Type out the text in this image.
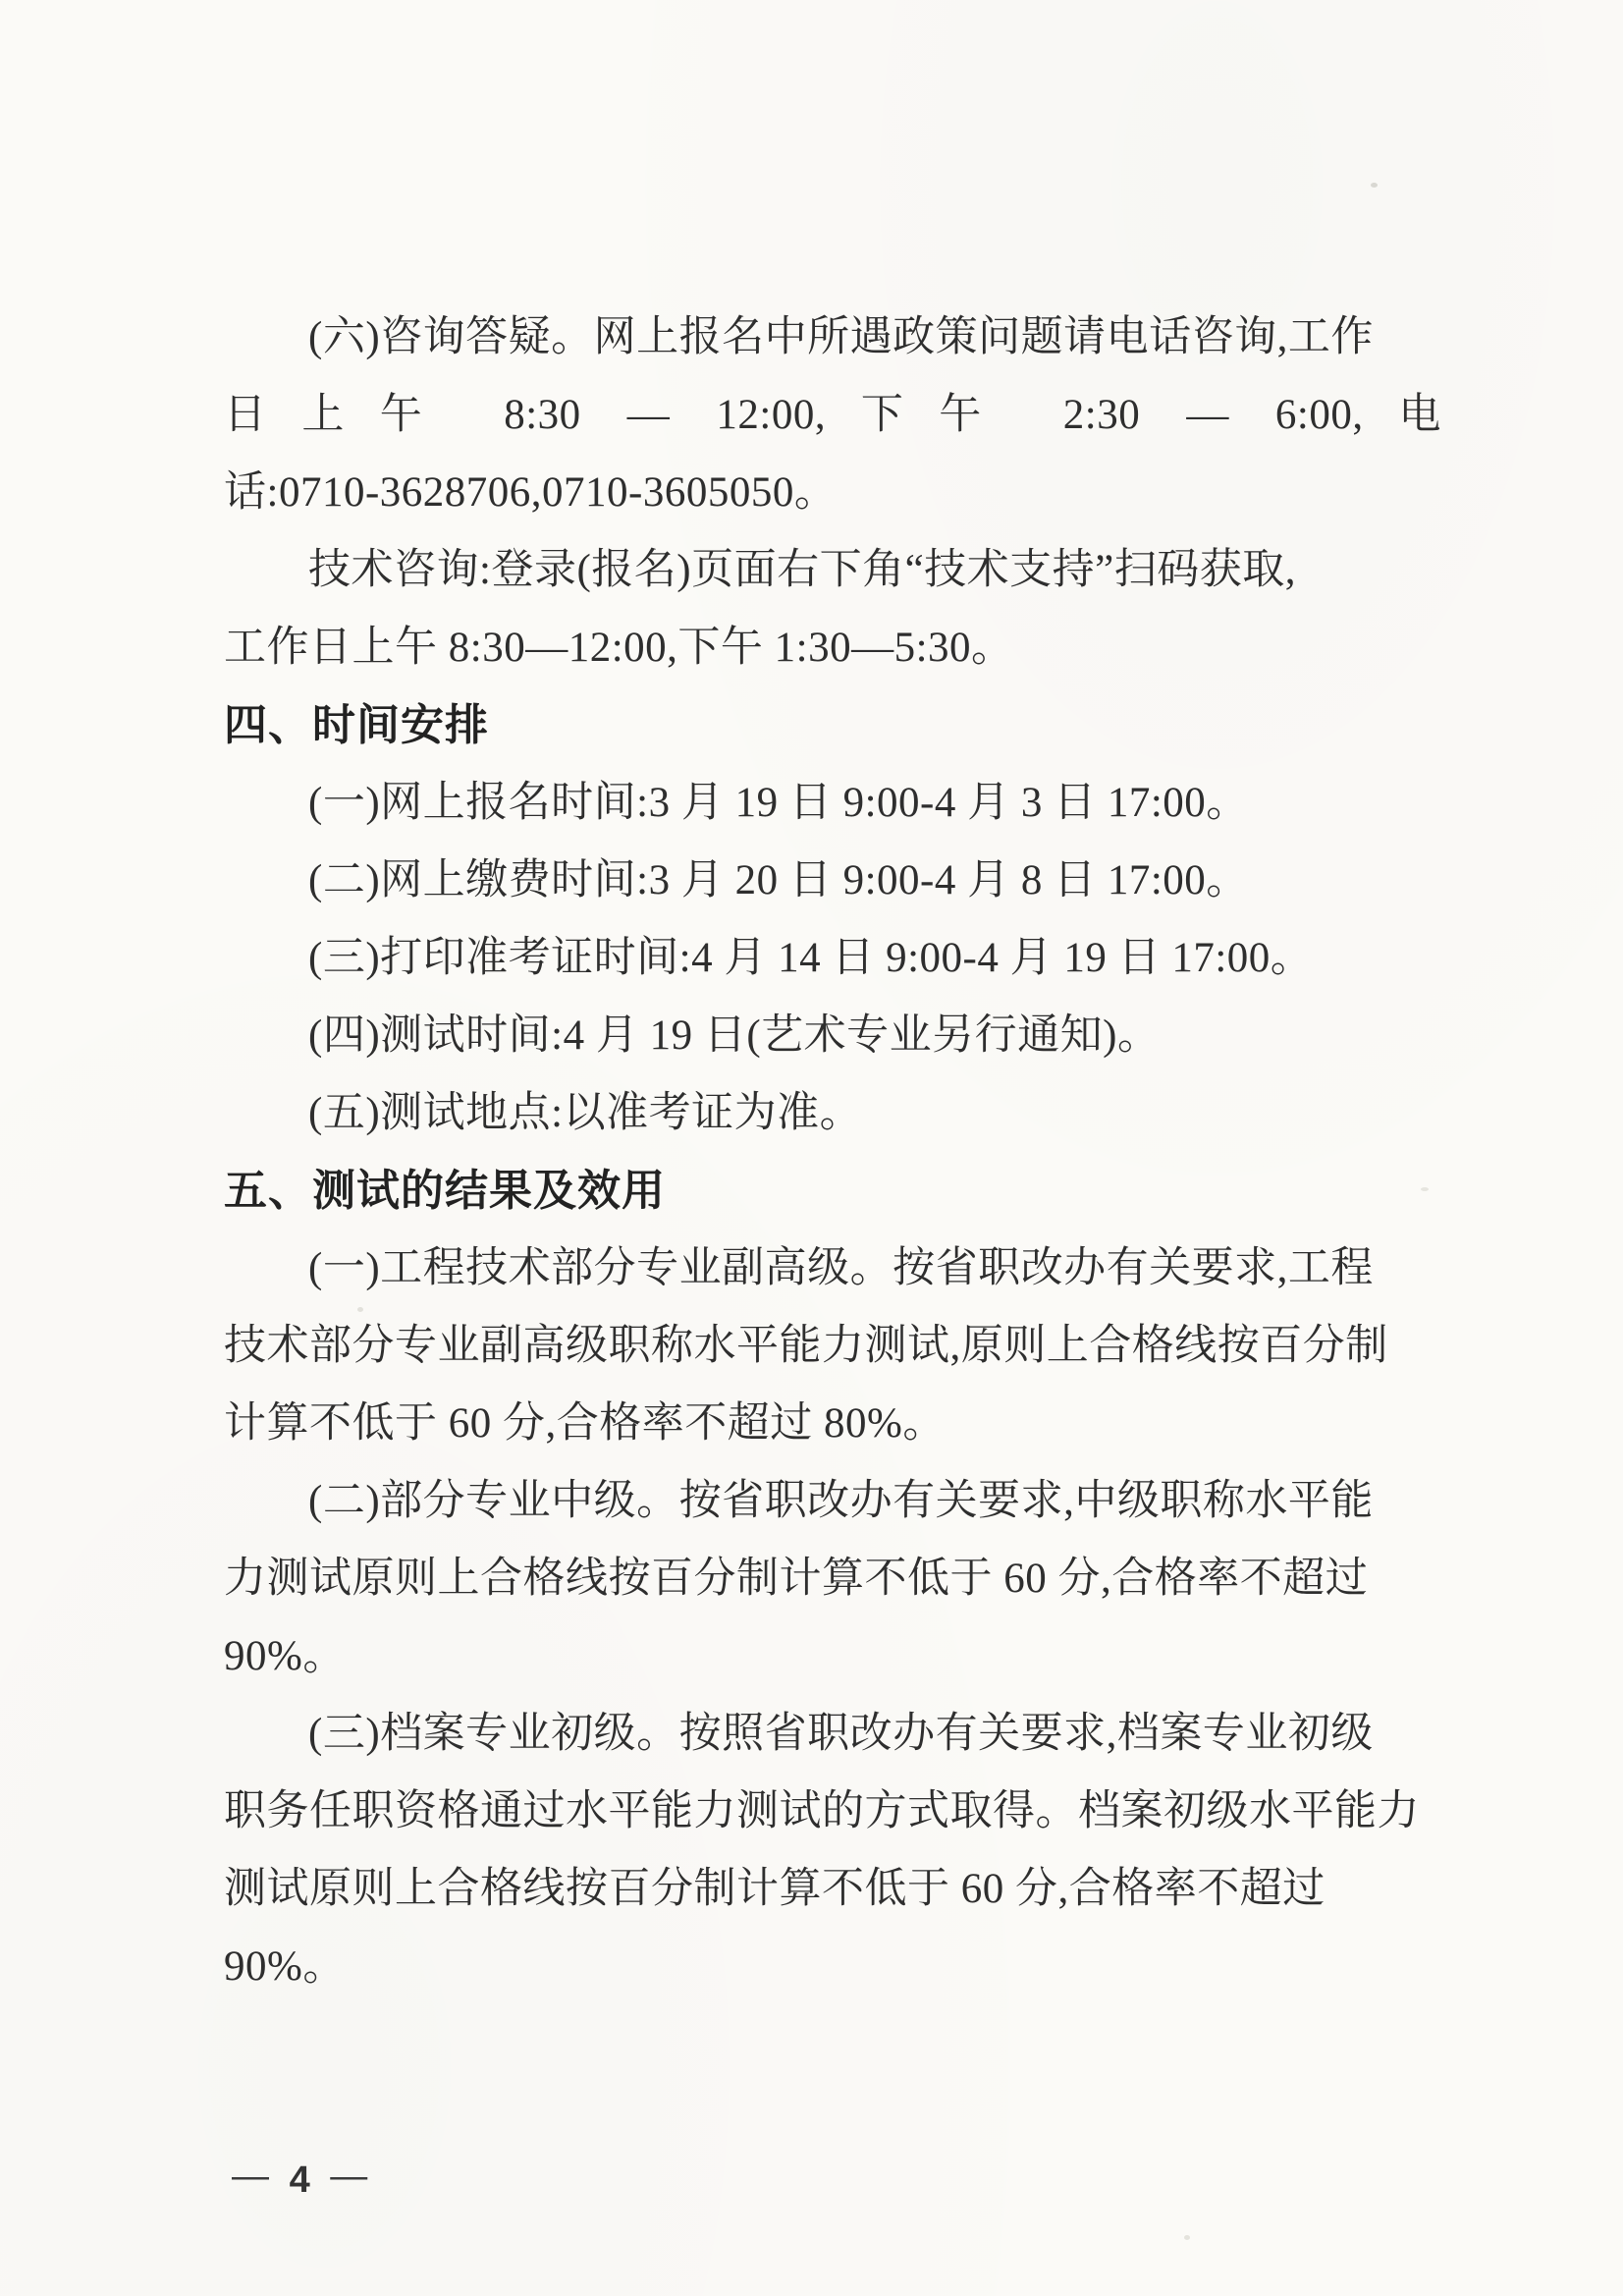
(六)咨询答疑。网上报名中所遇政策问题请电话咨询,工作
日上午 8:30 — 12:00,下午 2:30 — 6:00,电
话:0710-3628706,0710-3605050。
技术咨询:登录(报名)页面右下角“技术支持”扫码获取,
工作日上午 8:30—12:00,下午 1:30—5:30。
四、时间安排
(一)网上报名时间:3 月 19 日 9:00-4 月 3 日 17:00。
(二)网上缴费时间:3 月 20 日 9:00-4 月 8 日 17:00。
(三)打印准考证时间:4 月 14 日 9:00-4 月 19 日 17:00。
(四)测试时间:4 月 19 日(艺术专业另行通知)。
(五)测试地点:以准考证为准。
五、测试的结果及效用
(一)工程技术部分专业副高级。按省职改办有关要求,工程
技术部分专业副高级职称水平能力测试,原则上合格线按百分制
计算不低于 60 分,合格率不超过 80%。
(二)部分专业中级。按省职改办有关要求,中级职称水平能
力测试原则上合格线按百分制计算不低于 60 分,合格率不超过
90%。
(三)档案专业初级。按照省职改办有关要求,档案专业初级
职务任职资格通过水平能力测试的方式取得。档案初级水平能力
测试原则上合格线按百分制计算不低于 60 分,合格率不超过 90%。
— 4 —
